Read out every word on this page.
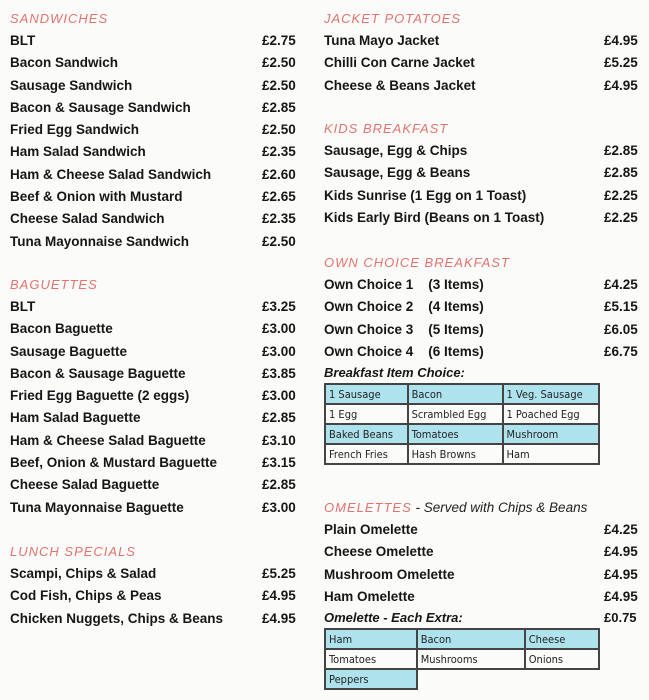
SANDWICHES
BLT	£2.75
Bacon Sandwich	£2.50
Sausage Sandwich	£2.50
Bacon & Sausage Sandwich	£2.85
Fried Egg Sandwich	£2.50
Ham Salad Sandwich	£2.35
Ham & Cheese Salad Sandwich	£2.60
Beef & Onion with Mustard	£2.65
Cheese Salad Sandwich	£2.35
Tuna Mayonnaise Sandwich	£2.50
BAGUETTES
BLT	£3.25
Bacon Baguette	£3.00
Sausage Baguette	£3.00
Bacon & Sausage Baguette	£3.85
Fried Egg Baguette (2 eggs)	£3.00
Ham Salad Baguette	£2.85
Ham & Cheese Salad Baguette	£3.10
Beef, Onion & Mustard Baguette	£3.15
Cheese Salad Baguette	£2.85
Tuna Mayonnaise Baguette	£3.00
LUNCH SPECIALS
Scampi, Chips & Salad	£5.25
Cod Fish, Chips & Peas	£4.95
Chicken Nuggets, Chips & Beans	£4.95
JACKET POTATOES
Tuna Mayo Jacket	£4.95
Chilli Con Carne Jacket	£5.25
Cheese & Beans Jacket	£4.95
KIDS BREAKFAST
Sausage, Egg & Chips	£2.85
Sausage, Egg & Beans	£2.85
Kids Sunrise (1 Egg on 1 Toast)	£2.25
Kids Early Bird (Beans on 1 Toast)	£2.25
OWN CHOICE BREAKFAST
Own Choice 1    (3 Items)	£4.25
Own Choice 2    (4 Items)	£5.15
Own Choice 3    (5 Items)	£6.05
Own Choice 4    (6 Items)	£6.75
Breakfast Item Choice:
1 Sausage	Bacon	1 Veg. Sausage
1 Egg	Scrambled Egg	1 Poached Egg
Baked Beans	Tomatoes	Mushroom
French Fries	Hash Browns	Ham
OMELETTES - Served with Chips & Beans
Plain Omelette	£4.25
Cheese Omelette	£4.95
Mushroom Omelette	£4.95
Ham Omelette	£4.95
Omelette - Each Extra:	£0.75
Ham	Bacon	Cheese
Tomatoes	Mushrooms	Onions
Peppers		
